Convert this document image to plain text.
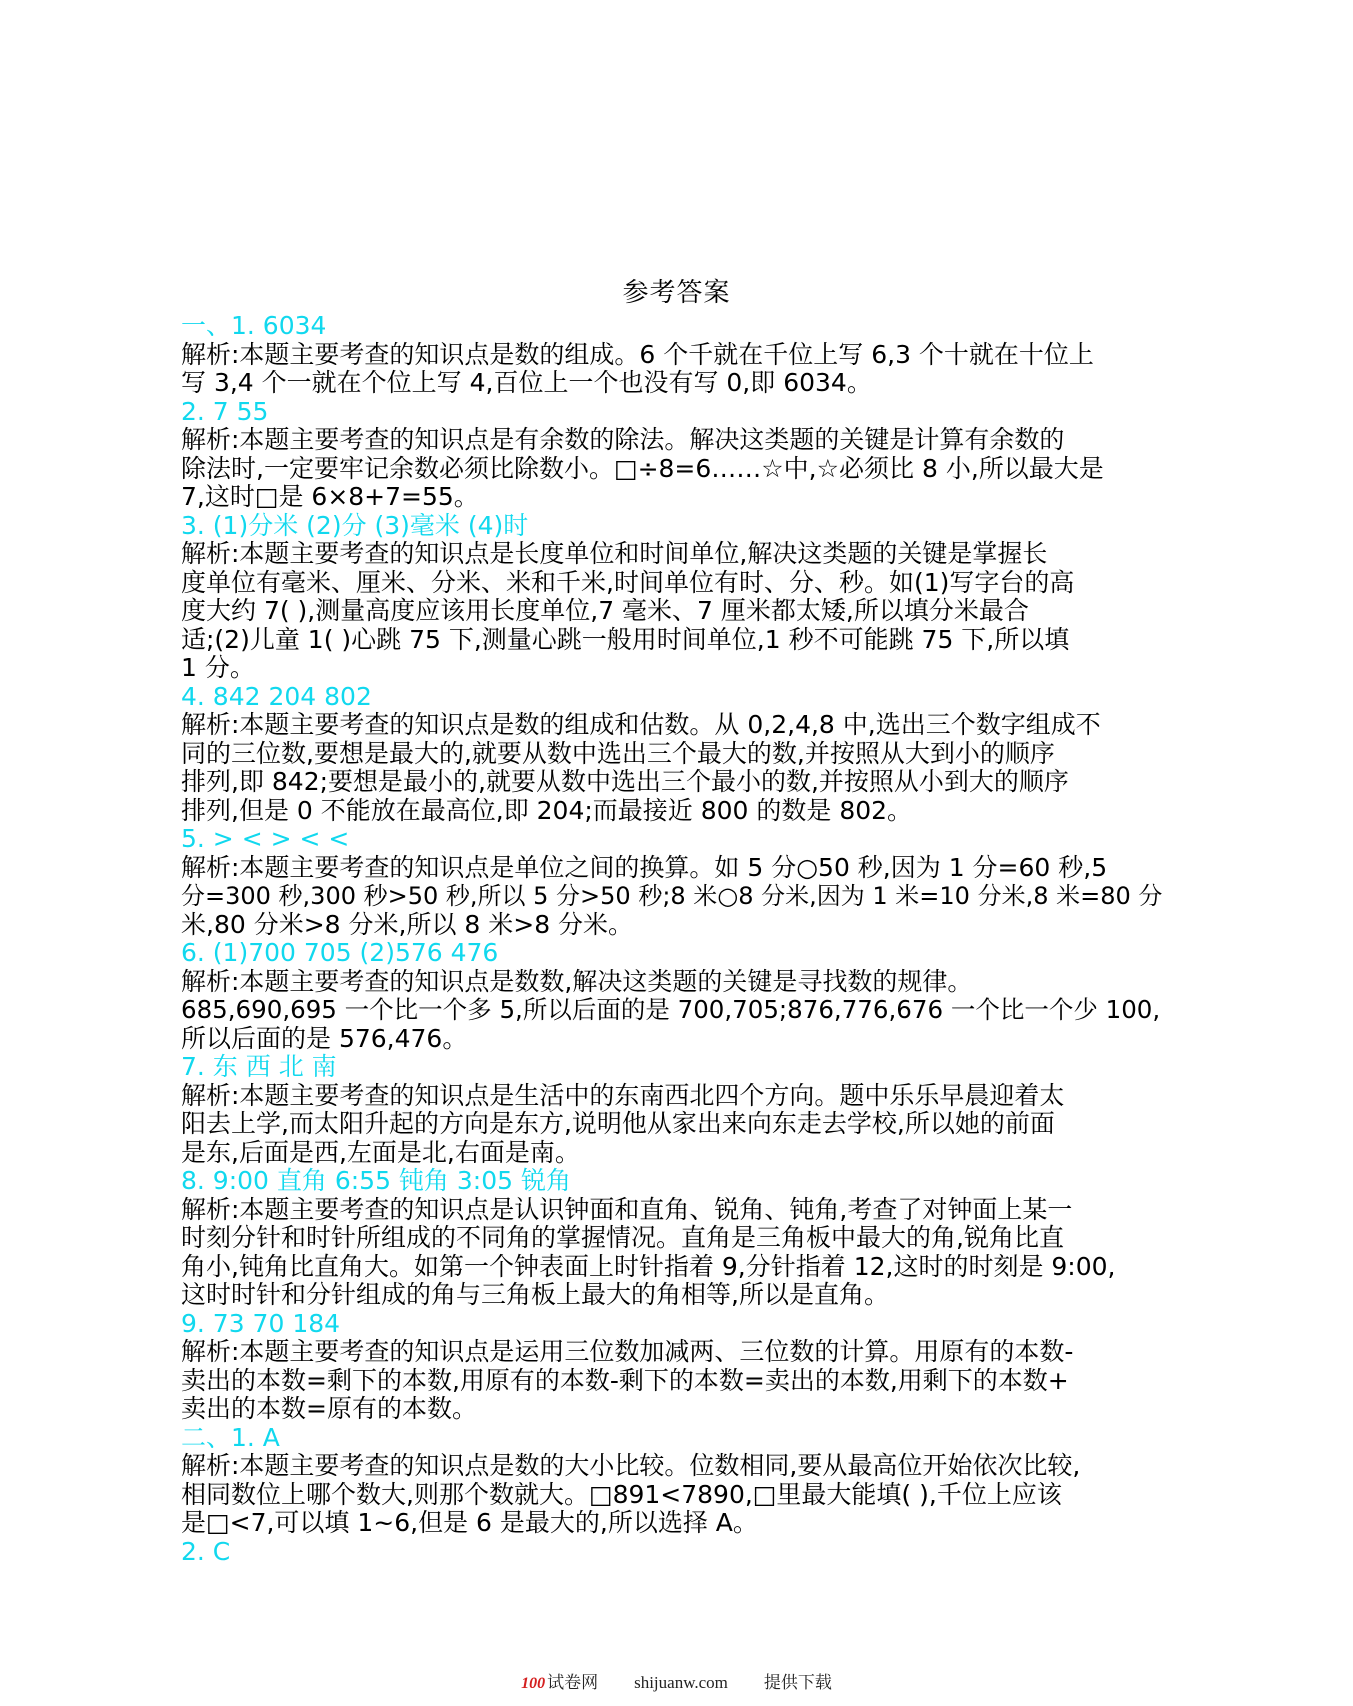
参考答案
一、1. 6034
解析:本题主要考查的知识点是数的组成。6 个千就在千位上写 6,3 个十就在十位上
写 3,4 个一就在个位上写 4,百位上一个也没有写 0,即 6034。
2. 7 55
解析:本题主要考查的知识点是有余数的除法。解决这类题的关键是计算有余数的
除法时,一定要牢记余数必须比除数小。□÷8=6……☆中,☆必须比 8 小,所以最大是
7,这时□是 6×8+7=55。
3. (1)分米 (2)分 (3)毫米 (4)时
解析:本题主要考查的知识点是长度单位和时间单位,解决这类题的关键是掌握长
度单位有毫米、厘米、分米、米和千米,时间单位有时、分、秒。如(1)写字台的高
度大约 7( ),测量高度应该用长度单位,7 毫米、7 厘米都太矮,所以填分米最合
适;(2)儿童 1( )心跳 75 下,测量心跳一般用时间单位,1 秒不可能跳 75 下,所以填
1 分。
4. 842 204 802
解析:本题主要考查的知识点是数的组成和估数。从 0,2,4,8 中,选出三个数字组成不
同的三位数,要想是最大的,就要从数中选出三个最大的数,并按照从大到小的顺序
排列,即 842;要想是最小的,就要从数中选出三个最小的数,并按照从小到大的顺序
排列,但是 0 不能放在最高位,即 204;而最接近 800 的数是 802。
5. > < > < <
解析:本题主要考查的知识点是单位之间的换算。如 5 分○50 秒,因为 1 分=60 秒,5
分=300 秒,300 秒>50 秒,所以 5 分>50 秒;8 米○8 分米,因为 1 米=10 分米,8 米=80 分
米,80 分米>8 分米,所以 8 米>8 分米。
6. (1)700 705 (2)576 476
解析:本题主要考查的知识点是数数,解决这类题的关键是寻找数的规律。
685,690,695 一个比一个多 5,所以后面的是 700,705;876,776,676 一个比一个少 100,
所以后面的是 576,476。
7. 东 西 北 南
解析:本题主要考查的知识点是生活中的东南西北四个方向。题中乐乐早晨迎着太
阳去上学,而太阳升起的方向是东方,说明他从家出来向东走去学校,所以她的前面
是东,后面是西,左面是北,右面是南。
8. 9:00 直角 6:55 钝角 3:05 锐角
解析:本题主要考查的知识点是认识钟面和直角、锐角、钝角,考查了对钟面上某一
时刻分针和时针所组成的不同角的掌握情况。直角是三角板中最大的角,锐角比直
角小,钝角比直角大。如第一个钟表面上时针指着 9,分针指着 12,这时的时刻是 9:00,
这时时针和分针组成的角与三角板上最大的角相等,所以是直角。
9. 73 70 184
解析:本题主要考查的知识点是运用三位数加减两、三位数的计算。用原有的本数-
卖出的本数=剩下的本数,用原有的本数-剩下的本数=卖出的本数,用剩下的本数+
卖出的本数=原有的本数。
二、1. A
解析:本题主要考查的知识点是数的大小比较。位数相同,要从最高位开始依次比较,
相同数位上哪个数大,则那个数就大。□891<7890,□里最大能填( ),千位上应该
是□<7,可以填 1~6,但是 6 是最大的,所以选择 A。
2. C
100 试卷网 shijuanw.com 提供下载
